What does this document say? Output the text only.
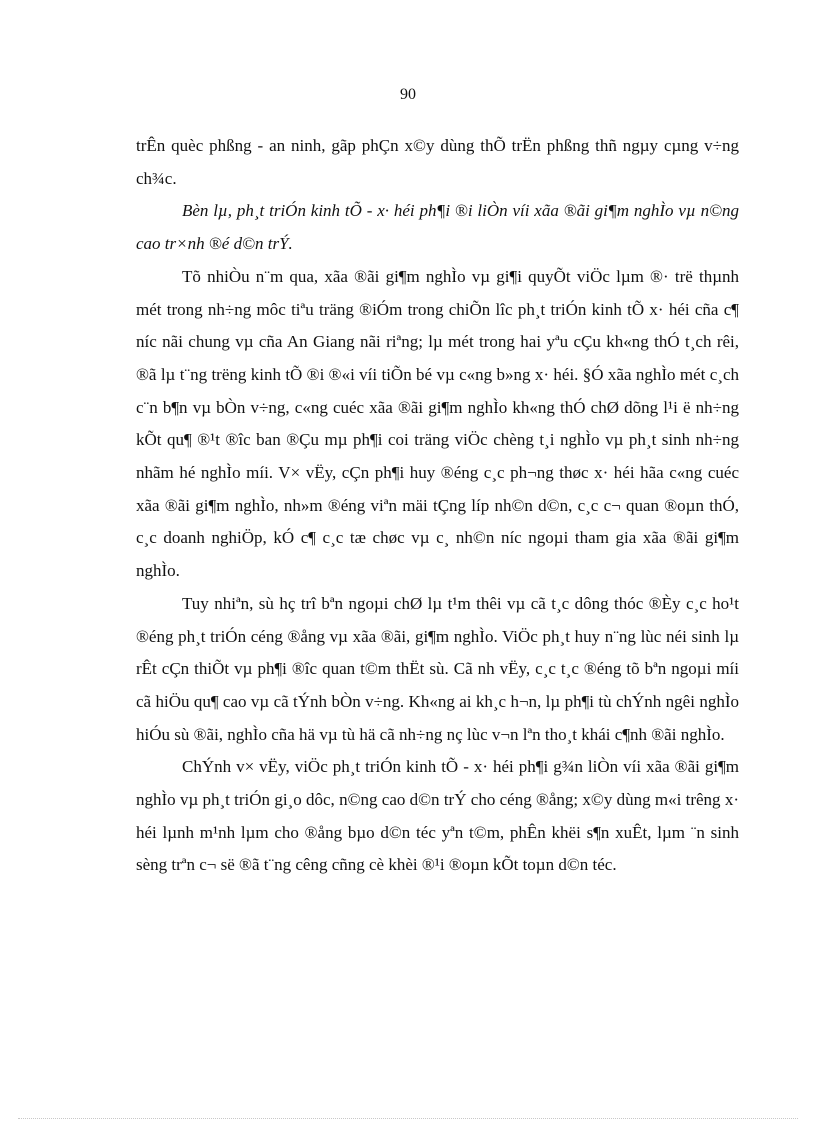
90

trÊn quèc phßng - an ninh, gãp phÇn x©y dùng thÕ trËn phßng thñ ngµy cµng v÷ng ch¾c.

Bèn lµ, ph¸t triÓn kinh tÕ - x· héi ph¶i ®i liÒn víi xãa ®ãi gi¶m nghÌo vµ n©ng cao tr×nh ®é d©n trÝ.

Tõ nhiÒu n¨m qua, xãa ®ãi gi¶m nghÌo vµ gi¶i quyÕt viÖc lµm ®· trë thµnh mét trong nh÷ng môc tiªu träng ®iÓm trong chiÕn lîc ph¸t triÓn kinh tÕ x· héi cña c¶ níc nãi chung vµ cña An Giang nãi riªng; lµ mét trong hai yªu cÇu kh«ng thÓ t¸ch rêi, ®ã lµ t¨ng trëng kinh tÕ ®i ®«i víi tiÕn bé vµ c«ng b»ng x· héi. §Ó xãa nghÌo mét c¸ch c¨n b¶n vµ bÒn v÷ng, c«ng cuéc xãa ®ãi gi¶m nghÌo kh«ng thÓ chØ dõng l¹i ë nh÷ng kÕt qu¶ ®¹t ®îc ban ®Çu mµ ph¶i coi träng viÖc chèng t¸i nghÌo vµ ph¸t sinh nh÷ng nhãm hé nghÌo míi. V× vËy, cÇn ph¶i huy ®éng c¸c ph¬ng thøc x· héi hãa c«ng cuéc xãa ®ãi gi¶m nghÌo, nh»m ®éng viªn mäi tÇng líp nh©n d©n, c¸c c¬ quan ®oµn thÓ, c¸c doanh nghiÖp, kÓ c¶ c¸c tæ chøc vµ c¸ nh©n níc ngoµi tham gia xãa ®ãi gi¶m nghÌo.

Tuy nhiªn, sù hç trî bªn ngoµi chØ lµ t¹m thêi vµ cã t¸c dông thóc ®Èy c¸c ho¹t ®éng ph¸t triÓn céng ®ång vµ xãa ®ãi, gi¶m nghÌo. ViÖc ph¸t huy n¨ng lùc néi sinh lµ rÊt cÇn thiÕt vµ ph¶i ®îc quan t©m thËt sù. Cã nh vËy, c¸c t¸c ®éng tõ bªn ngoµi míi cã hiÖu qu¶ cao vµ cã tÝnh bÒn v÷ng. Kh«ng ai kh¸c h¬n, lµ ph¶i tù chÝnh ngêi nghÌo hiÓu sù ®ãi, nghÌo cña hä vµ tù hä cã nh÷ng nç lùc v¬n lªn tho¸t khái c¶nh ®ãi nghÌo.

ChÝnh v× vËy, viÖc ph¸t triÓn kinh tÕ - x· héi ph¶i g¾n liÒn víi xãa ®ãi gi¶m nghÌo vµ ph¸t triÓn gi¸o dôc, n©ng cao d©n trÝ cho céng ®ång; x©y dùng m«i trêng x· héi lµnh m¹nh lµm cho ®ång bµo d©n téc yªn t©m, phÊn khëi s¶n xuÊt, lµm ¨n sinh sèng trªn c¬ së ®ã t¨ng cêng cñng cè khèi ®¹i ®oµn kÕt toµn d©n téc.
